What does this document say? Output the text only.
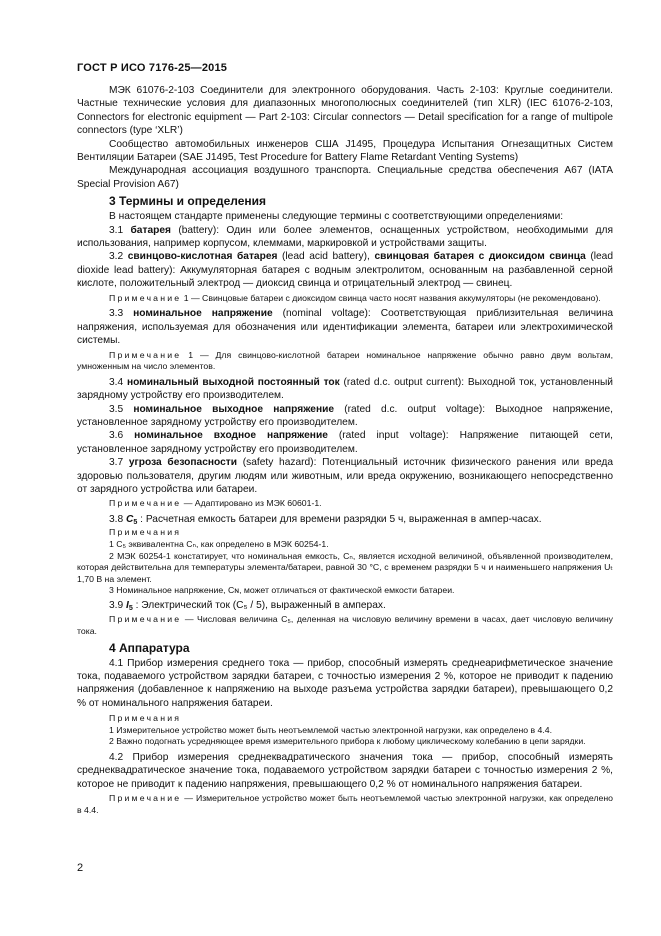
ГОСТ Р ИСО 7176-25—2015

МЭК 61076-2-103 Соединители для электронного оборудования. Часть 2-103: Круглые соединители. Частные технические условия для диапазонных многополюсных соединителей (тип XLR) (IEC 61076-2-103, Connectors for electronic equipment — Part 2-103: Circular connectors — Detail specification for a range of multipole connectors (type ‘XLR’)

Сообщество автомобильных инженеров США J1495, Процедура Испытания Огнезащитных Систем Вентиляции Батареи (SAE J1495, Test Procedure for Battery Flame Retardant Venting Systems)

Международная ассоциация воздушного транспорта. Специальные средства обеспечения А67 (IATA Special Provision A67)

3 Термины и определения

В настоящем стандарте применены следующие термины с соответствующими определениями:

3.1 батарея (battery): Один или более элементов, оснащенных устройством, необходимыми для использования, например корпусом, клеммами, маркировкой и устройствами защиты.

3.2 свинцово-кислотная батарея (lead acid battery), свинцовая батарея с диоксидом свинца (lead dioxide lead battery): Аккумуляторная батарея с водным электролитом, основанным на разбавленной серной кислоте, положительный электрод — диоксид свинца и отрицательный электрод — свинец.

Примечание 1 — Свинцовые батареи с диоксидом свинца часто носят названия аккумуляторы (не рекомендовано).

3.3 номинальное напряжение (nominal voltage): Соответствующая приблизительная величина напряжения, используемая для обозначения или идентификации элемента, батареи или электрохимической системы.

Примечание 1 — Для свинцово-кислотной батареи номинальное напряжение обычно равно двум вольтам, умноженным на число элементов.

3.4 номинальный выходной постоянный ток (rated d.c. output current): Выходной ток, установленный зарядному устройству его производителем.

3.5 номинальное выходное напряжение (rated d.c. output voltage): Выходное напряжение, установленное зарядному устройству его производителем.

3.6 номинальное входное напряжение (rated input voltage): Напряжение питающей сети, установленное зарядному устройству его производителем.

3.7 угроза безопасности (safety hazard): Потенциальный источник физического ранения или вреда здоровью пользователя, другим людям или животным, или вреда окружению, возникающего непосредственно от зарядного устройства или батареи.

Примечание — Адаптировано из МЭК 60601-1.

3.8 $C_5$ : Расчетная емкость батареи для времени разрядки 5 ч, выраженная в ампер-часах.

Примечания

1 C₅ эквивалентна Cₙ, как определено в МЭК 60254-1.

2 МЭК 60254-1 констатирует, что номинальная емкость, Cₙ, является исходной величиной, объявленной производителем, которая действительна для температуры элемента/батареи, равной 30 °С, с временем разрядки 5 ч и наименьшего напряжения Uₜ 1,70 В на элемент.

3 Номинальное напряжение, Cɴ, может отличаться от фактической емкости батареи.

3.9 $I_5$ : Электрический ток (C₅ / 5), выраженный в амперах.

Примечание — Числовая величина C₅, деленная на числовую величину времени в часах, дает числовую величину тока.

4 Аппаратура

4.1 Прибор измерения среднего тока — прибор, способный измерять среднеарифметическое значение тока, подаваемого устройством зарядки батареи, с точностью измерения 2 %, которое не приводит к падению напряжения (добавленное к напряжению на выходе разъема устройства зарядки батареи), превышающего 0,2 % от номинального напряжения батареи.

Примечания

1 Измерительное устройство может быть неотъемлемой частью электронной нагрузки, как определено в 4.4.

2 Важно подогнать усредняющее время измерительного прибора к любому циклическому колебанию в цепи зарядки.

4.2 Прибор измерения среднеквадратического значения тока — прибор, способный измерять среднеквадратическое значение тока, подаваемого устройством зарядки батареи с точностью измерения 2 %, которое не приводит к падению напряжения, превышающего 0,2 % от номинального напряжения батареи.

Примечание — Измерительное устройство может быть неотъемлемой частью электронной нагрузки, как определено в 4.4.

2
